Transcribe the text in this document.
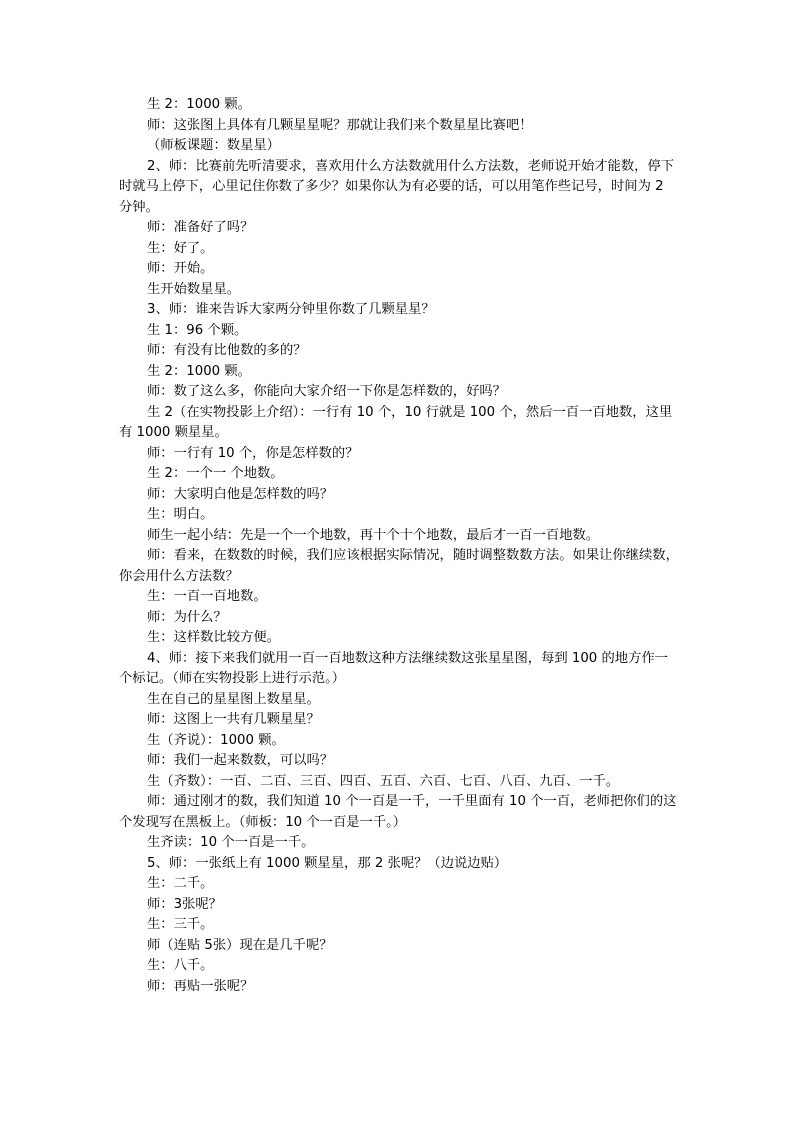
生 2：1000 颗。

师：这张图上具体有几颗星星呢？那就让我们来个数星星比赛吧！

（师板课题：数星星）

2、师：比赛前先听清要求，喜欢用什么方法数就用什么方法数，老师说开始才能数，停下时就马上停下，心里记住你数了多少？如果你认为有必要的话，可以用笔作些记号，时间为 2 分钟。

师：准备好了吗？

生：好了。

师：开始。

生开始数星星。

3、师：谁来告诉大家两分钟里你数了几颗星星？

生 1：96 个颗。

师：有没有比他数的多的？

生 2：1000 颗。

师：数了这么多，你能向大家介绍一下你是怎样数的，好吗？

生 2（在实物投影上介绍）：一行有 10 个，10 行就是 100 个，然后一百一百地数，这里有 1000 颗星星。

师：一行有 10 个，你是怎样数的？

生 2：一个一 个地数。

师：大家明白他是怎样数的吗？

生：明白。

师生一起小结：先是一个一个地数，再十个十个地数，最后才一百一百地数。

师：看来，在数数的时候，我们应该根据实际情况，随时调整数数方法。如果让你继续数，你会用什么方法数？

生：一百一百地数。

师：为什么？

生：这样数比较方便。

4、师：接下来我们就用一百一百地数这种方法继续数这张星星图，每到 100 的地方作一个标记。（师在实物投影上进行示范。）

生在自己的星星图上数星星。

师：这图上一共有几颗星星？

生（齐说）：1000 颗。

师：我们一起来数数，可以吗？

生（齐数）：一百、二百、三百、四百、五百、六百、七百、八百、九百、一千。

师：通过刚才的数，我们知道 10 个一百是一千，一千里面有 10 个一百，老师把你们的这个发现写在黑板上。（师板：10 个一百是一千。）

生齐读：10 个一百是一千。

5、师：一张纸上有 1000 颗星星，那 2 张呢？（边说边贴）

生：二千。

师：3张呢？

生：三千。

师（连贴 5张）现在是几千呢？

生：八千。

师：再贴一张呢？
